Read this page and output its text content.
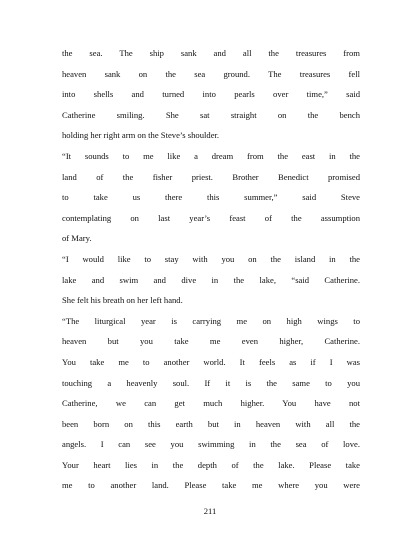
the sea. The ship sank and all the treasures from
heaven sank on the sea ground. The treasures fell
into shells and turned into pearls over time,” said
Catherine smiling. She sat straight on the bench
holding her right arm on the Steve’s shoulder.
“It sounds to me like a dream from the east in the
land of the fisher priest. Brother Benedict promised
to take us there this summer,” said Steve
contemplating on last year’s feast of the assumption
of Mary.
“I would like to stay with you on the island in the
lake and swim and dive in the lake, “said Catherine.
She felt his breath on her left hand.
“The liturgical year is carrying me on high wings to
heaven but you take me even higher, Catherine.
You take me to another world. It feels as if I was
touching a heavenly soul. If it is the same to you
Catherine, we can get much higher. You have not
been born on this earth but in heaven with all the
angels. I can see you swimming in the sea of love.
Your heart lies in the depth of the lake. Please take
me to another land. Please take me where you were
211
